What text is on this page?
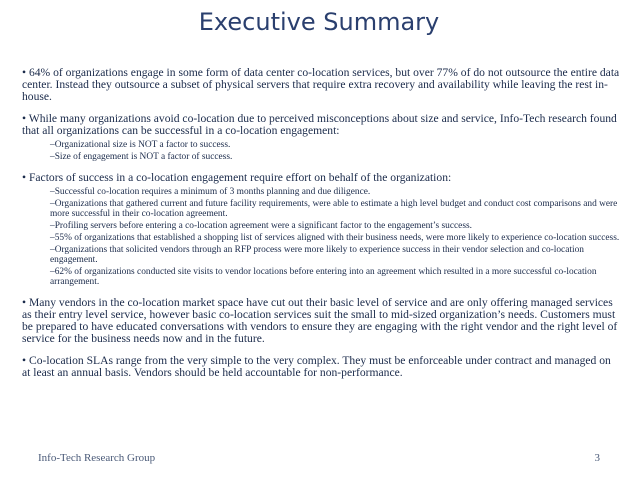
Executive Summary
• 64% of organizations engage in some form of data center co-location services, but over 77% of do not outsource the entire data center. Instead they outsource a subset of physical servers that require extra recovery and availability while leaving the rest in-house.
• While many organizations avoid co-location due to perceived misconceptions about size and service, Info-Tech research found that all organizations can be successful in a co-location engagement:
–Organizational size is NOT a factor to success.
–Size of engagement is NOT a factor of success.
• Factors of success in a co-location engagement require effort on behalf of the organization:
–Successful co-location requires a minimum of 3 months planning and due diligence.
–Organizations that gathered current and future facility requirements, were able to estimate a high level budget and conduct cost comparisons and were more successful in their co-location agreement.
–Profiling servers before entering a co-location agreement were a significant factor to the engagement’s success.
–55% of organizations that established a shopping list of services aligned with their business needs, were more likely to experience co-location success.
–Organizations that solicited vendors through an RFP process were more likely to experience success in their vendor selection and co-location engagement.
–62% of organizations conducted site visits to vendor locations before entering into an agreement which resulted in a more successful co-location arrangement.
• Many vendors in the co-location market space have cut out their basic level of service and are only offering managed services as their entry level service, however basic co-location services suit the small to mid-sized organization’s needs. Customers must be prepared to have educated conversations with vendors to ensure they are engaging with the right vendor and the right level of service for the business needs now and in the future.
• Co-location SLAs range from the very simple to the very complex. They must be enforceable under contract and managed on at least an annual basis. Vendors should be held accountable for non-performance.
Info-Tech Research Group	3
